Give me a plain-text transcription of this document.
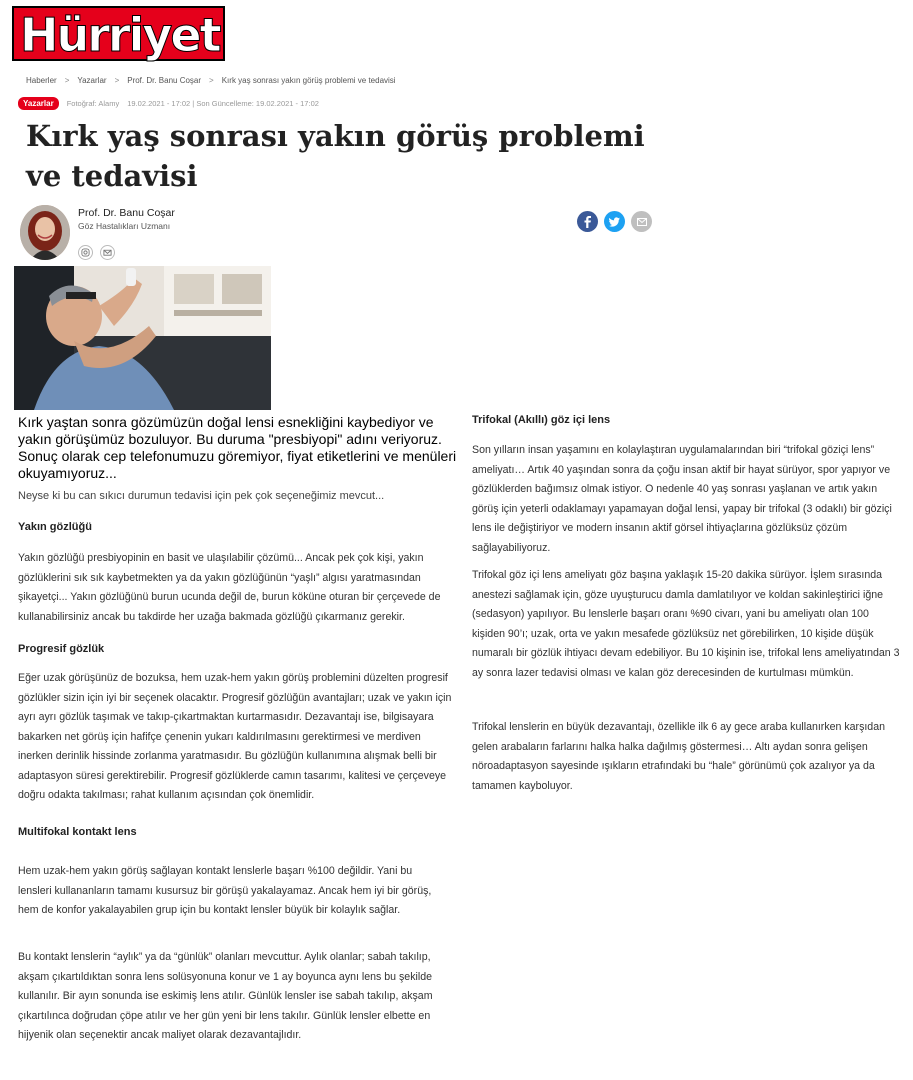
Hürriyet
Haberler > Yazarlar > Prof. Dr. Banu Coşar > Kırk yaş sonrası yakın görüş problemi ve tedavisi
Yazarlar	Fotoğraf: Alamy 19.02.2021 - 17:02 | Son Güncelleme: 19.02.2021 - 17:02
Kırk yaş sonrası yakın görüş problemi ve tedavisi
Prof. Dr. Banu Coşar
Göz Hastalıkları Uzmanı

Kırk yaştan sonra gözümüzün doğal lensi esnekliğini kaybediyor ve yakın görüşümüz bozuluyor. Bu duruma "presbiyopi" adını veriyoruz. Sonuç olarak cep telefonumuzu göremiyor, fiyat etiketlerini ve menüleri okuyamıyoruz...

Neyse ki bu can sıkıcı durumun tedavisi için pek çok seçeneğimiz mevcut...
Yakın gözlüğü

Yakın gözlüğü presbiyopinin en basit ve ulaşılabilir çözümü... Ancak pek çok kişi, yakın gözlüklerini sık sık kaybetmekten ya da yakın gözlüğünün “yaşlı” algısı yaratmasından şikayetçi... Yakın gözlüğünü burun ucunda değil de, burun köküne oturan bir çerçevede de kullanabilirsiniz ancak bu takdirde her uzağa bakmada gözlüğü çıkarmanız gerekir.

Progresif gözlük

Eğer uzak görüşünüz de bozuksa, hem uzak-hem yakın görüş problemini düzelten progresif gözlükler sizin için iyi bir seçenek olacaktır. Progresif gözlüğün avantajları; uzak ve yakın için ayrı ayrı gözlük taşımak ve takıp-çıkartmaktan kurtarmasıdır. Dezavantajı ise, bilgisayara bakarken net görüş için hafifçe çenenin yukarı kaldırılmasını gerektirmesi ve merdiven inerken derinlik hissinde zorlanma yaratmasıdır. Bu gözlüğün kullanımına alışmak belli bir adaptasyon süresi gerektirebilir. Progresif gözlüklerde camın tasarımı, kalitesi ve çerçeveye doğru odakta takılması; rahat kullanım açısından çok önemlidir.

Multifokal kontakt lens

Hem uzak-hem yakın görüş sağlayan kontakt lenslerle başarı %100 değildir. Yani bu lensleri kullananların tamamı kusursuz bir görüşü yakalayamaz. Ancak hem iyi bir görüş, hem de konfor yakalayabilen grup için bu kontakt lensler büyük bir kolaylık sağlar.

Bu kontakt lenslerin “aylık” ya da “günlük” olanları mevcuttur. Aylık olanlar; sabah takılıp, akşam çıkartıldıktan sonra lens solüsyonuna konur ve 1 ay boyunca aynı lens bu şekilde kullanılır. Bir ayın sonunda ise eskimiş lens atılır. Günlük lensler ise sabah takılıp, akşam çıkartılınca doğrudan çöpe atılır ve her gün yeni bir lens takılır. Günlük lensler elbette en hijyenik olan seçenektir ancak maliyet olarak dezavantajlıdır.

Trifokal (Akıllı) göz içi lens

Son yılların insan yaşamını en kolaylaştıran uygulamalarından biri “trifokal göziçi lens” ameliyatı… Artık 40 yaşından sonra da çoğu insan aktif bir hayat sürüyor, spor yapıyor ve gözlüklerden bağımsız olmak istiyor. O nedenle 40 yaş sonrası yaşlanan ve artık yakın görüş için yeterli odaklamayı yapamayan doğal lensi, yapay bir trifokal (3 odaklı) bir göziçi lens ile değiştiriyor ve modern insanın aktif görsel ihtiyaçlarına gözlüksüz çözüm sağlayabiliyoruz.

Trifokal göz içi lens ameliyatı göz başına yaklaşık 15-20 dakika sürüyor. İşlem sırasında anestezi sağlamak için, göze uyuşturucu damla damlatılıyor ve koldan sakinleştirici iğne (sedasyon) yapılıyor. Bu lenslerle başarı oranı %90 civarı, yani bu ameliyatı olan 100 kişiden 90’ı; uzak, orta ve yakın mesafede gözlüksüz net görebilirken, 10 kişide düşük numaralı bir gözlük ihtiyacı devam edebiliyor. Bu 10 kişinin ise, trifokal lens ameliyatından 3 ay sonra lazer tedavisi olması ve kalan göz derecesinden de kurtulması mümkün.

Trifokal lenslerin en büyük dezavantajı, özellikle ilk 6 ay gece araba kullanırken karşıdan gelen arabaların farlarını halka halka dağılmış göstermesi… Altı aydan sonra gelişen nöroadaptasyon sayesinde ışıkların etrafındaki bu “hale” görünümü çok azalıyor ya da tamamen kayboluyor.
